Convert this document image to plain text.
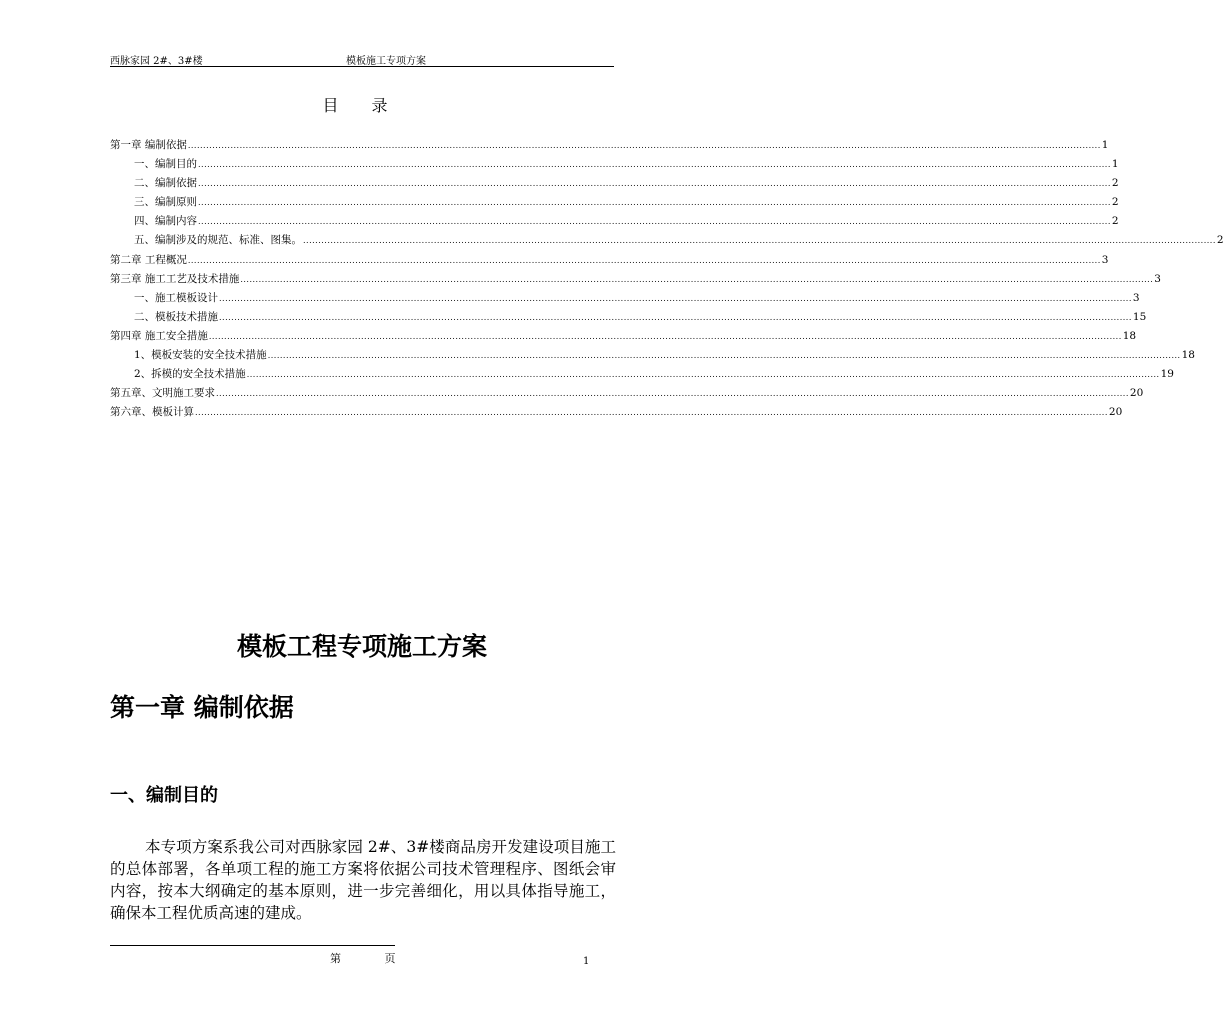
西脉家园 2#、3#楼	模板施工专项方案
目 录
第一章 编制依据 ............................................................................................................................................................................................................................................................................................................ 1
一、编制目的 ............................................................................................................................................................................................................................................................................................................ 1
二、编制依据 ............................................................................................................................................................................................................................................................................................................ 2
三、编制原则 ............................................................................................................................................................................................................................................................................................................ 2
四、编制内容 ............................................................................................................................................................................................................................................................................................................ 2
五、编制涉及的规范、标准、图集。 ............................................................................................................................................................................................................................................................................................................ 2
第二章 工程概况 ............................................................................................................................................................................................................................................................................................................ 3
第三章 施工工艺及技术措施 ............................................................................................................................................................................................................................................................................................................ 3
一、施工模板设计 ............................................................................................................................................................................................................................................................................................................ 3
二、模板技术措施 ............................................................................................................................................................................................................................................................................................................ 15
第四章 施工安全措施 ............................................................................................................................................................................................................................................................................................................ 18
1、模板安装的安全技术措施 ............................................................................................................................................................................................................................................................................................................ 18
2、拆模的安全技术措施 ............................................................................................................................................................................................................................................................................................................ 19
第五章、文明施工要求 ............................................................................................................................................................................................................................................................................................................ 20
第六章、模板计算 ............................................................................................................................................................................................................................................................................................................ 20
模板工程专项施工方案
第一章 编制依据
一、编制目的
本专项方案系我公司对西脉家园 2#、3#楼商品房开发建设项目施工的总体部署，各单项工程的施工方案将依据公司技术管理程序、图纸会审内容，按本大纲确定的基本原则，进一步完善细化，用以具体指导施工，确保本工程优质高速的建成。
第 页	1
